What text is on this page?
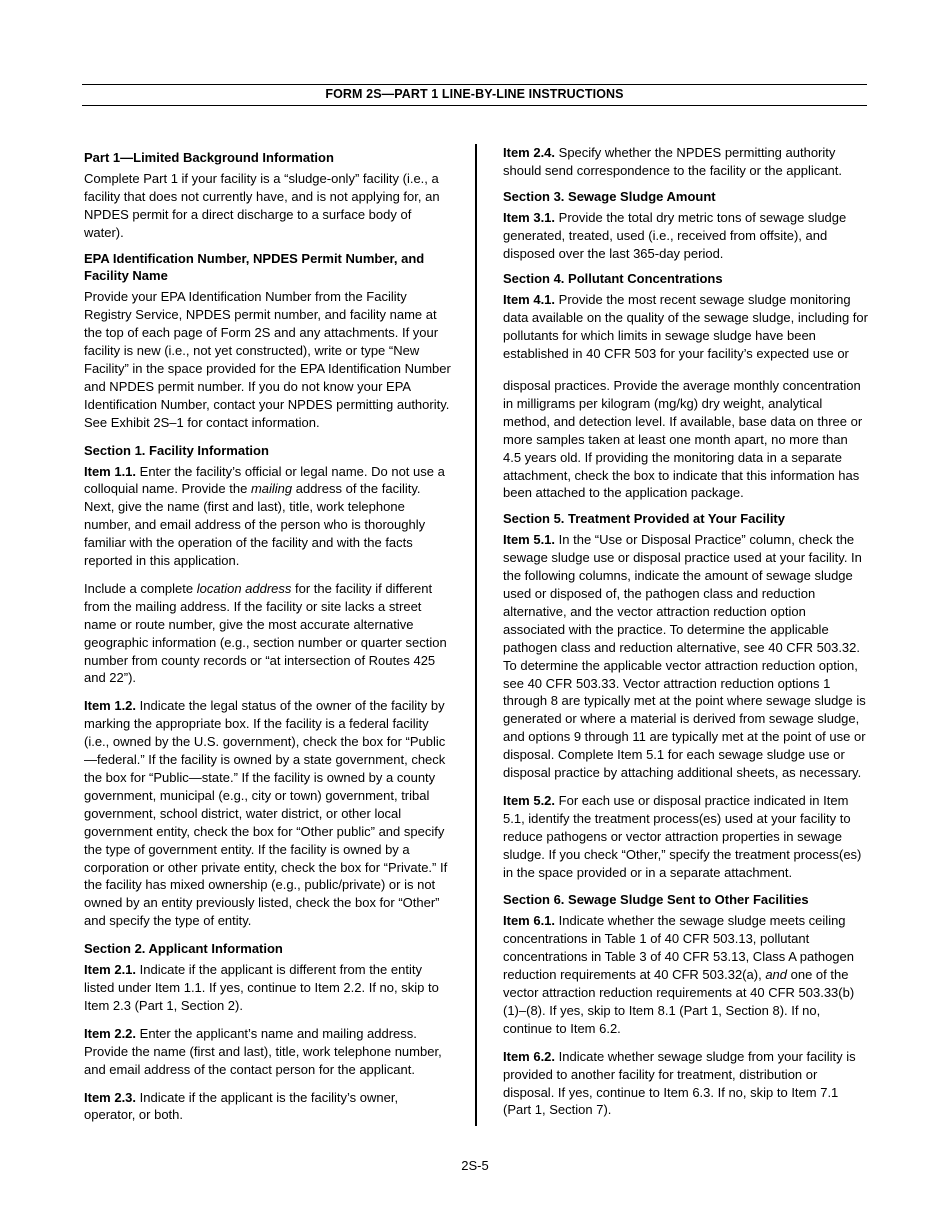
FORM 2S—PART 1 LINE-BY-LINE INSTRUCTIONS

Part 1—Limited Background Information

Complete Part 1 if your facility is a “sludge-only” facility (i.e., a facility that does not currently have, and is not applying for, an NPDES permit for a direct discharge to a surface body of water).

EPA Identification Number, NPDES Permit Number, and Facility Name

Provide your EPA Identification Number from the Facility Registry Service, NPDES permit number, and facility name at the top of each page of Form 2S and any attachments. If your facility is new (i.e., not yet constructed), write or type “New Facility” in the space provided for the EPA Identification Number and NPDES permit number. If you do not know your EPA Identification Number, contact your NPDES permitting authority. See Exhibit 2S–1 for contact information.

Section 1. Facility Information

Item 1.1. Enter the facility’s official or legal name. Do not use a colloquial name. Provide the mailing address of the facility. Next, give the name (first and last), title, work telephone number, and email address of the person who is thoroughly familiar with the operation of the facility and with the facts reported in this application.

Include a complete location address for the facility if different from the mailing address. If the facility or site lacks a street name or route number, give the most accurate alternative geographic information (e.g., section number or quarter section number from county records or “at intersection of Routes 425 and 22”).

Item 1.2. Indicate the legal status of the owner of the facility by marking the appropriate box. If the facility is a federal facility (i.e., owned by the U.S. government), check the box for “Public—federal.” If the facility is owned by a state government, check the box for “Public—state.” If the facility is owned by a county government, municipal (e.g., city or town) government, tribal government, school district, water district, or other local government entity, check the box for “Other public” and specify the type of government entity. If the facility is owned by a corporation or other private entity, check the box for “Private.” If the facility has mixed ownership (e.g., public/private) or is not owned by an entity previously listed, check the box for “Other” and specify the type of entity.

Section 2. Applicant Information

Item 2.1. Indicate if the applicant is different from the entity listed under Item 1.1. If yes, continue to Item 2.2. If no, skip to Item 2.3 (Part 1, Section 2).

Item 2.2. Enter the applicant’s name and mailing address. Provide the name (first and last), title, work telephone number, and email address of the contact person for the applicant.

Item 2.3. Indicate if the applicant is the facility’s owner, operator, or both.

Item 2.4. Specify whether the NPDES permitting authority should send correspondence to the facility or the applicant.

Section 3. Sewage Sludge Amount

Item 3.1. Provide the total dry metric tons of sewage sludge generated, treated, used (i.e., received from offsite), and disposed over the last 365-day period.

Section 4. Pollutant Concentrations

Item 4.1. Provide the most recent sewage sludge monitoring data available on the quality of the sewage sludge, including for pollutants for which limits in sewage sludge have been established in 40 CFR 503 for your facility’s expected use or

disposal practices. Provide the average monthly concentration in milligrams per kilogram (mg/kg) dry weight, analytical method, and detection level. If available, base data on three or more samples taken at least one month apart, no more than 4.5 years old. If providing the monitoring data in a separate attachment, check the box to indicate that this information has been attached to the application package.

Section 5. Treatment Provided at Your Facility

Item 5.1. In the “Use or Disposal Practice” column, check the sewage sludge use or disposal practice used at your facility. In the following columns, indicate the amount of sewage sludge used or disposed of, the pathogen class and reduction alternative, and the vector attraction reduction option associated with the practice. To determine the applicable pathogen class and reduction alternative, see 40 CFR 503.32. To determine the applicable vector attraction reduction option, see 40 CFR 503.33. Vector attraction reduction options 1 through 8 are typically met at the point where sewage sludge is generated or where a material is derived from sewage sludge, and options 9 through 11 are typically met at the point of use or disposal. Complete Item 5.1 for each sewage sludge use or disposal practice by attaching additional sheets, as necessary.

Item 5.2. For each use or disposal practice indicated in Item 5.1, identify the treatment process(es) used at your facility to reduce pathogens or vector attraction properties in sewage sludge. If you check “Other,” specify the treatment process(es) in the space provided or in a separate attachment.

Section 6. Sewage Sludge Sent to Other Facilities

Item 6.1. Indicate whether the sewage sludge meets ceiling concentrations in Table 1 of 40 CFR 503.13, pollutant concentrations in Table 3 of 40 CFR 53.13, Class A pathogen reduction requirements at 40 CFR 503.32(a), and one of the vector attraction reduction requirements at 40 CFR 503.33(b)(1)–(8). If yes, skip to Item 8.1 (Part 1, Section 8). If no, continue to Item 6.2.

Item 6.2. Indicate whether sewage sludge from your facility is provided to another facility for treatment, distribution or disposal. If yes, continue to Item 6.3. If no, skip to Item 7.1 (Part 1, Section 7).

2S-5
